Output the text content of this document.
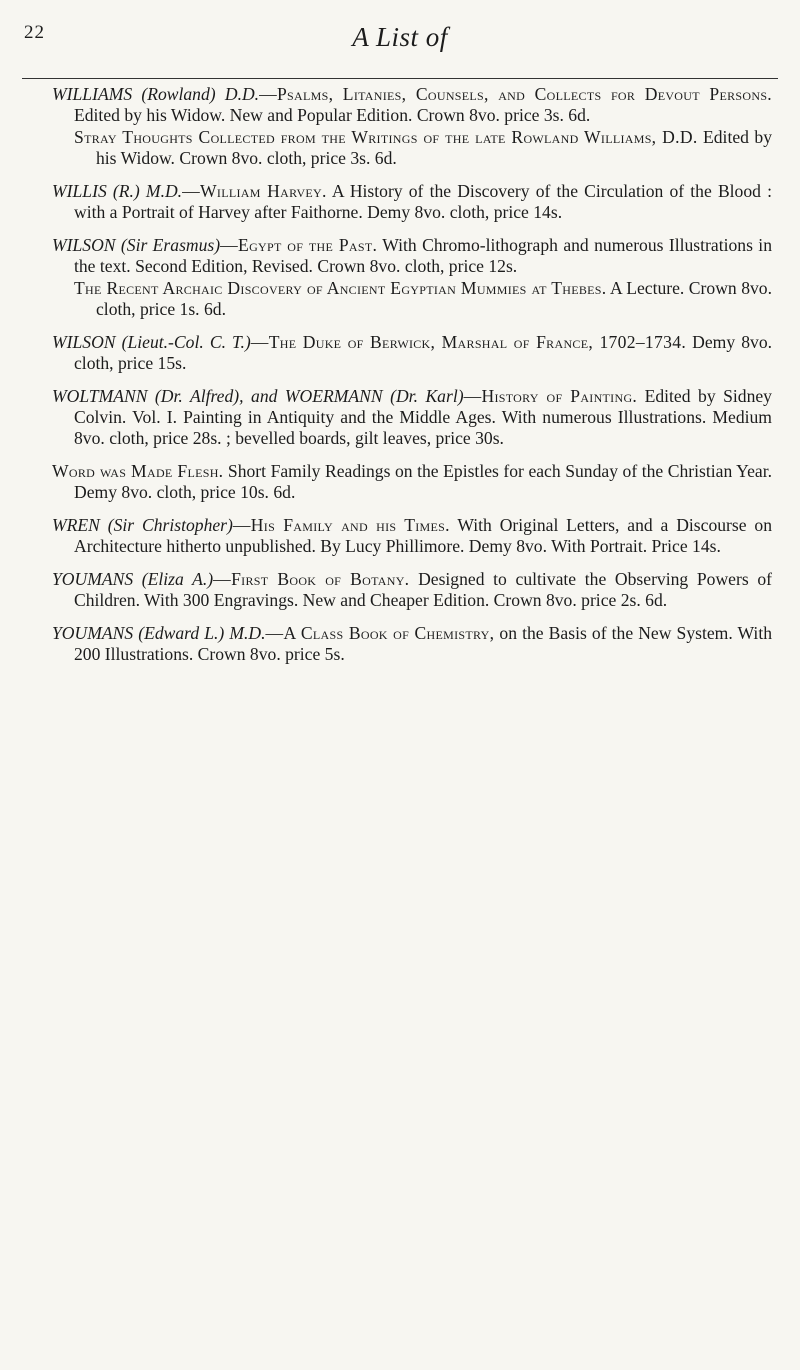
22	A List of
WILLIAMS (Rowland) D.D.—Psalms, Litanies, Counsels, and Collects for Devout Persons. Edited by his Widow. New and Popular Edition. Crown 8vo. price 3s. 6d.
Stray Thoughts Collected from the Writings of the late Rowland Williams, D.D. Edited by his Widow. Crown 8vo. cloth, price 3s. 6d.
WILLIS (R.) M.D.—William Harvey. A History of the Discovery of the Circulation of the Blood : with a Portrait of Harvey after Faithorne. Demy 8vo. cloth, price 14s.
WILSON (Sir Erasmus)—Egypt of the Past. With Chromo-lithograph and numerous Illustrations in the text. Second Edition, Revised. Crown 8vo. cloth, price 12s.
The Recent Archaic Discovery of Ancient Egyptian Mummies at Thebes. A Lecture. Crown 8vo. cloth, price 1s. 6d.
WILSON (Lieut.-Col. C. T.)—The Duke of Berwick, Marshal of France, 1702–1734. Demy 8vo. cloth, price 15s.
WOLTMANN (Dr. Alfred), and WOERMANN (Dr. Karl)—History of Painting. Edited by Sidney Colvin. Vol. I. Painting in Antiquity and the Middle Ages. With numerous Illustrations. Medium 8vo. cloth, price 28s. ; bevelled boards, gilt leaves, price 30s.
Word was Made Flesh. Short Family Readings on the Epistles for each Sunday of the Christian Year. Demy 8vo. cloth, price 10s. 6d.
WREN (Sir Christopher)—His Family and his Times. With Original Letters, and a Discourse on Architecture hitherto unpublished. By Lucy Phillimore. Demy 8vo. With Portrait. Price 14s.
YOUMANS (Eliza A.)—First Book of Botany. Designed to cultivate the Observing Powers of Children. With 300 Engravings. New and Cheaper Edition. Crown 8vo. price 2s. 6d.
YOUMANS (Edward L.) M.D.—A Class Book of Chemistry, on the Basis of the New System. With 200 Illustrations. Crown 8vo. price 5s.
